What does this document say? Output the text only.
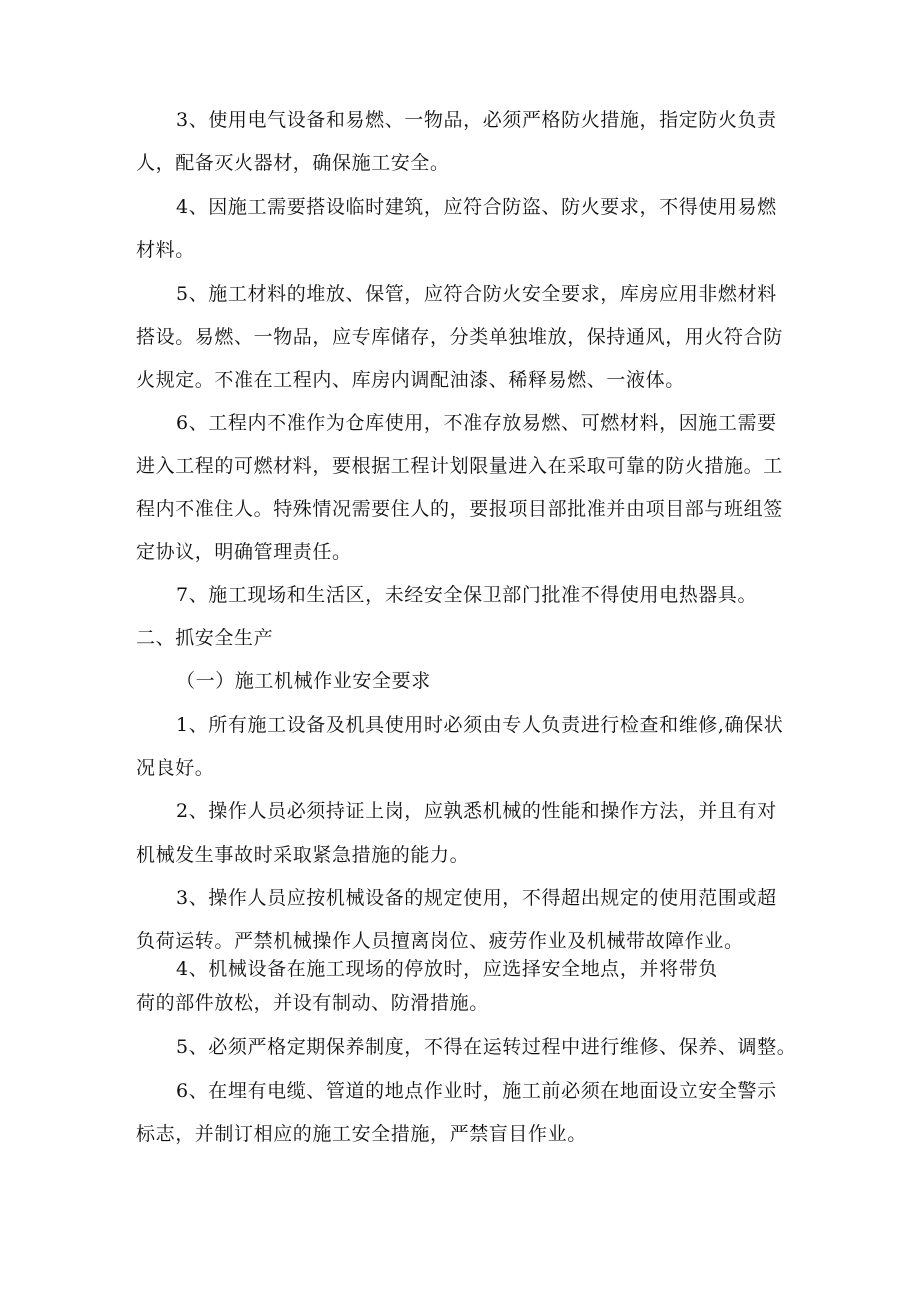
3、使用电气设备和易燃、一物品，必须严格防火措施，指定防火负责
人，配备灭火器材，确保施工安全。
4、因施工需要搭设临时建筑，应符合防盗、防火要求，不得使用易燃
材料。
5、施工材料的堆放、保管，应符合防火安全要求，库房应用非燃材料
搭设。易燃、一物品，应专库储存，分类单独堆放，保持通风，用火符合防
火规定。不准在工程内、库房内调配油漆、稀释易燃、一液体。
6、工程内不准作为仓库使用，不准存放易燃、可燃材料，因施工需要
进入工程的可燃材料，要根据工程计划限量进入在采取可靠的防火措施。工
程内不准住人。特殊情况需要住人的，要报项目部批准并由项目部与班组签
定协议，明确管理责任。
7、施工现场和生活区，未经安全保卫部门批准不得使用电热器具。
二、抓安全生产
（一）施工机械作业安全要求
1、所有施工设备及机具使用时必须由专人负责进行检查和维修,确保状
况良好。
2、操作人员必须持证上岗，应孰悉机械的性能和操作方法，并且有对
机械发生事故时采取紧急措施的能力。
3、操作人员应按机械设备的规定使用，不得超出规定的使用范围或超
负荷运转。严禁机械操作人员擅离岗位、疲劳作业及机械带故障作业。
4、机械设备在施工现场的停放时，应选择安全地点，并将带负
荷的部件放松，并设有制动、防滑措施。
5、必须严格定期保养制度，不得在运转过程中进行维修、保养、调整。
6、在埋有电缆、管道的地点作业时，施工前必须在地面设立安全警示
标志，并制订相应的施工安全措施，严禁盲目作业。
